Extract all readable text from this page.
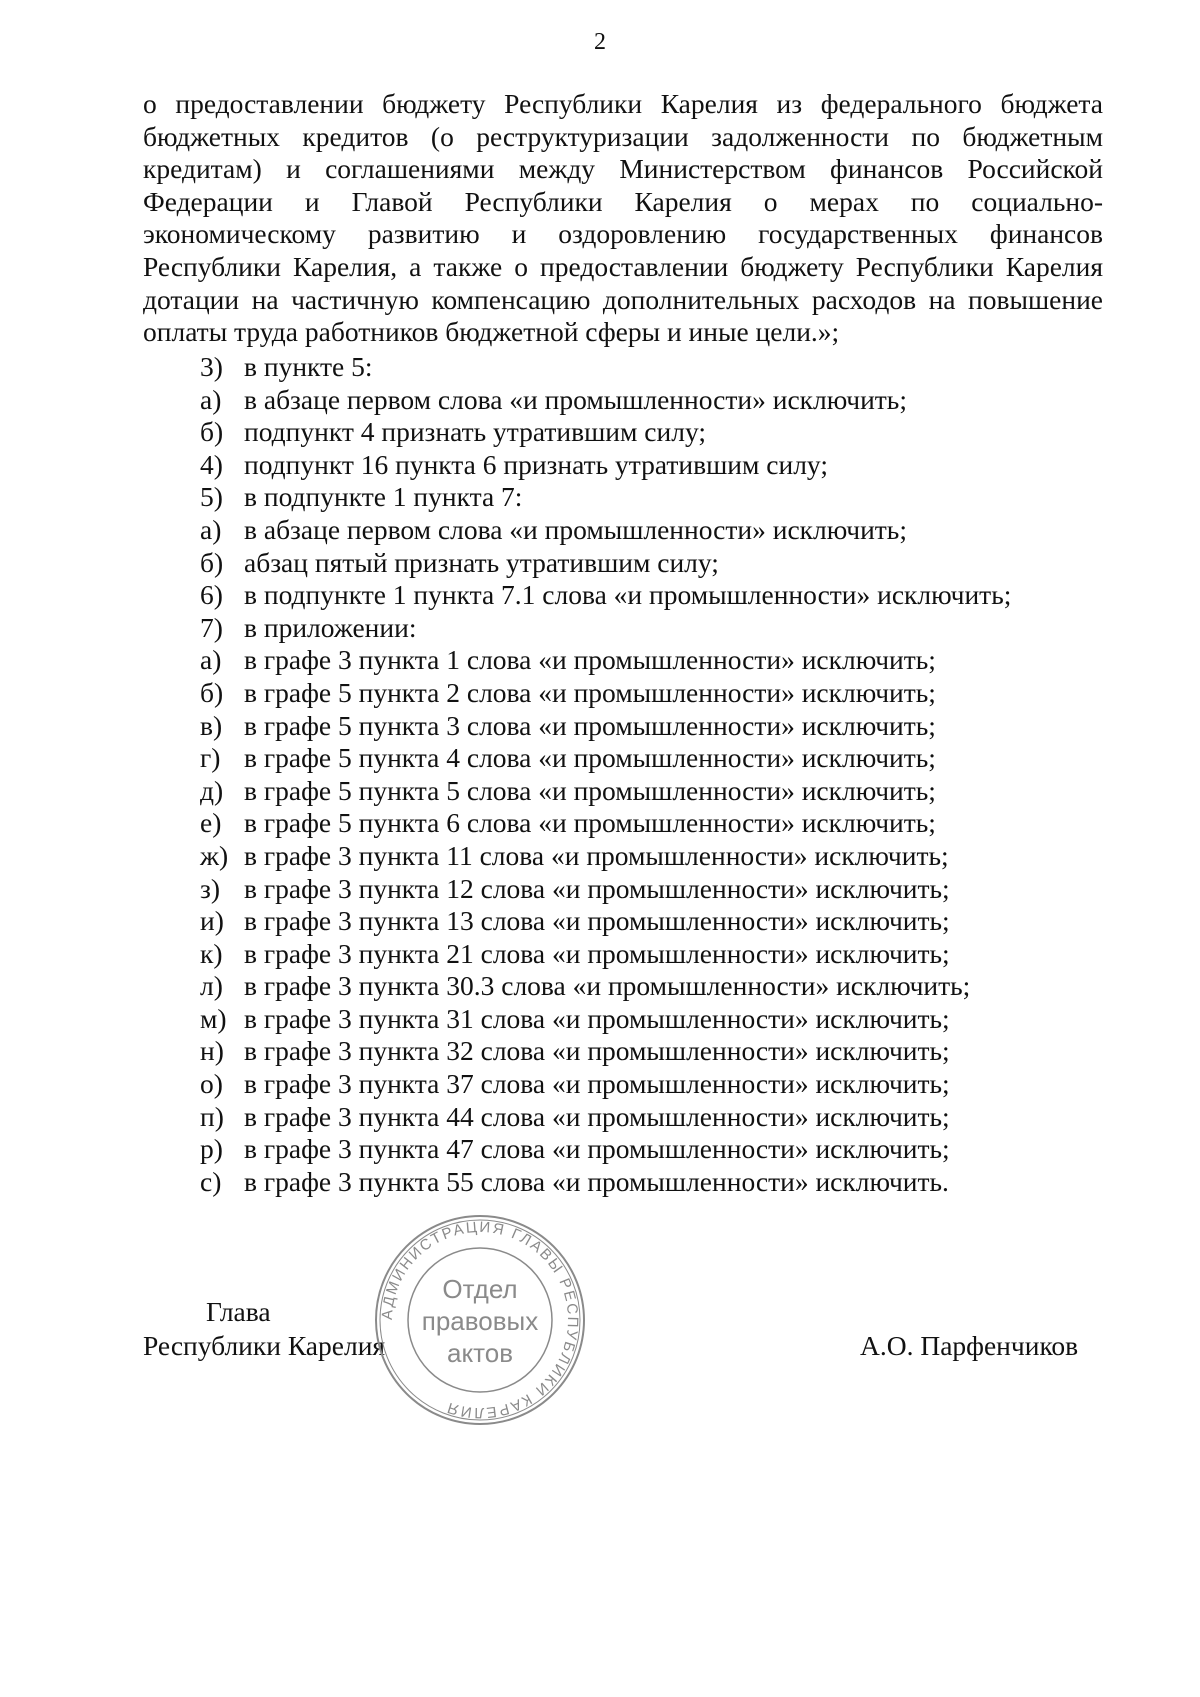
2
о предоставлении бюджету Республики Карелия из федерального бюджета
бюджетных кредитов (о реструктуризации задолженности по бюджетным
кредитам) и соглашениями между Министерством финансов Российской
Федерации и Главой Республики Карелия о мерах по социально-
экономическому развитию и оздоровлению государственных финансов
Республики Карелия, а также о предоставлении бюджету Республики Карелия
дотации на частичную компенсацию дополнительных расходов на повышение
оплаты труда работников бюджетной сферы и иные цели.»;
3) в пункте 5:
а) в абзаце первом слова «и промышленности» исключить;
б) подпункт 4 признать утратившим силу;
4) подпункт 16 пункта 6 признать утратившим силу;
5) в подпункте 1 пункта 7:
а) в абзаце первом слова «и промышленности» исключить;
б) абзац пятый признать утратившим силу;
6) в подпункте 1 пункта 7.1 слова «и промышленности» исключить;
7) в приложении:
а) в графе 3 пункта 1 слова «и промышленности» исключить;
б) в графе 5 пункта 2 слова «и промышленности» исключить;
в) в графе 5 пункта 3 слова «и промышленности» исключить;
г) в графе 5 пункта 4 слова «и промышленности» исключить;
д) в графе 5 пункта 5 слова «и промышленности» исключить;
е) в графе 5 пункта 6 слова «и промышленности» исключить;
ж) в графе 3 пункта 11 слова «и промышленности» исключить;
з) в графе 3 пункта 12 слова «и промышленности» исключить;
и) в графе 3 пункта 13 слова «и промышленности» исключить;
к) в графе 3 пункта 21 слова «и промышленности» исключить;
л) в графе 3 пункта 30.3 слова «и промышленности» исключить;
м) в графе 3 пункта 31 слова «и промышленности» исключить;
н) в графе 3 пункта 32 слова «и промышленности» исключить;
о) в графе 3 пункта 37 слова «и промышленности» исключить;
п) в графе 3 пункта 44 слова «и промышленности» исключить;
р) в графе 3 пункта 47 слова «и промышленности» исключить;
с) в графе 3 пункта 55 слова «и промышленности» исключить.
Глава
Республики Карелия	А.О. Парфенчиков
АДМИНИСТРАЦИЯ ГЛАВЫ РЕСПУБЛИКИ КАРЕЛИЯ
Отдел
правовых
актов
